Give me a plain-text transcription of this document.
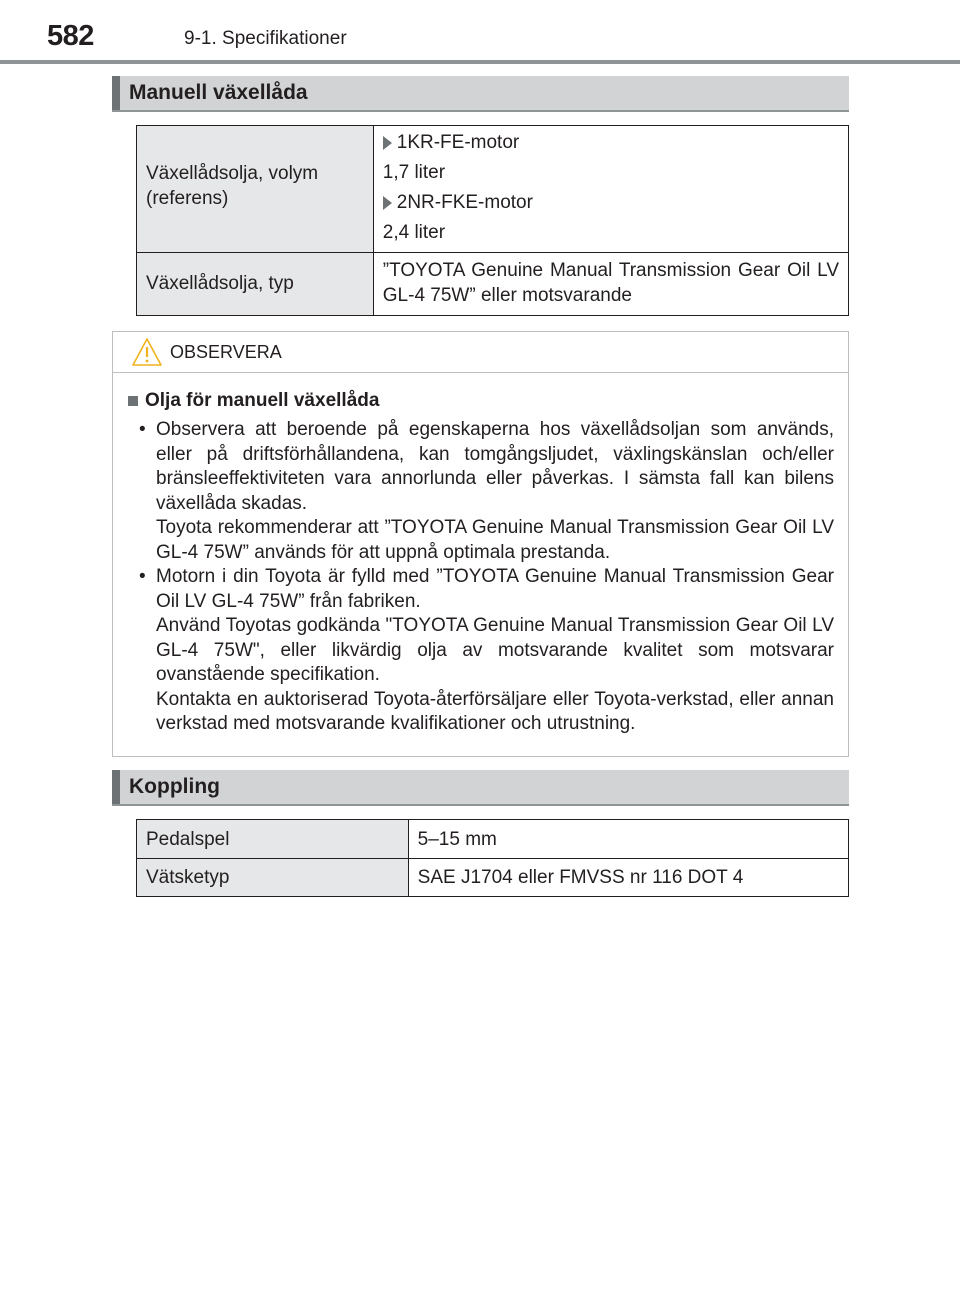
582	9-1. Specifikationer
Manuell växellåda
Växellådsolja, volym (referens)	1KR-FE-motor
1,7 liter
2NR-FKE-motor
2,4 liter

Växellådsolja, typ	”TOYOTA Genuine Manual Transmission Gear Oil LV GL-4 75W” eller motsvarande
OBSERVERA
Olja för manuell växellåda
• Observera att beroende på egenskaperna hos växellådsoljan som används, eller på driftsförhållandena, kan tomgångsljudet, växlingskänslan och/eller bränsleeffektiviteten vara annorlunda eller påverkas. I sämsta fall kan bilens växellåda skadas.

Toyota rekommenderar att ”TOYOTA Genuine Manual Transmission Gear Oil LV GL-4 75W” används för att uppnå optimala prestanda.

• Motorn i din Toyota är fylld med ”TOYOTA Genuine Manual Transmission Gear Oil LV GL-4 75W” från fabriken.

Använd Toyotas godkända "TOYOTA Genuine Manual Transmission Gear Oil LV GL-4 75W", eller likvärdig olja av motsvarande kvalitet som motsvarar ovanstående specifikation.

Kontakta en auktoriserad Toyota-återförsäljare eller Toyota-verkstad, eller annan verkstad med motsvarande kvalifikationer och utrustning.

Koppling
Pedalspel	5–15 mm

Vätsketyp	SAE J1704 eller FMVSS nr 116 DOT 4
